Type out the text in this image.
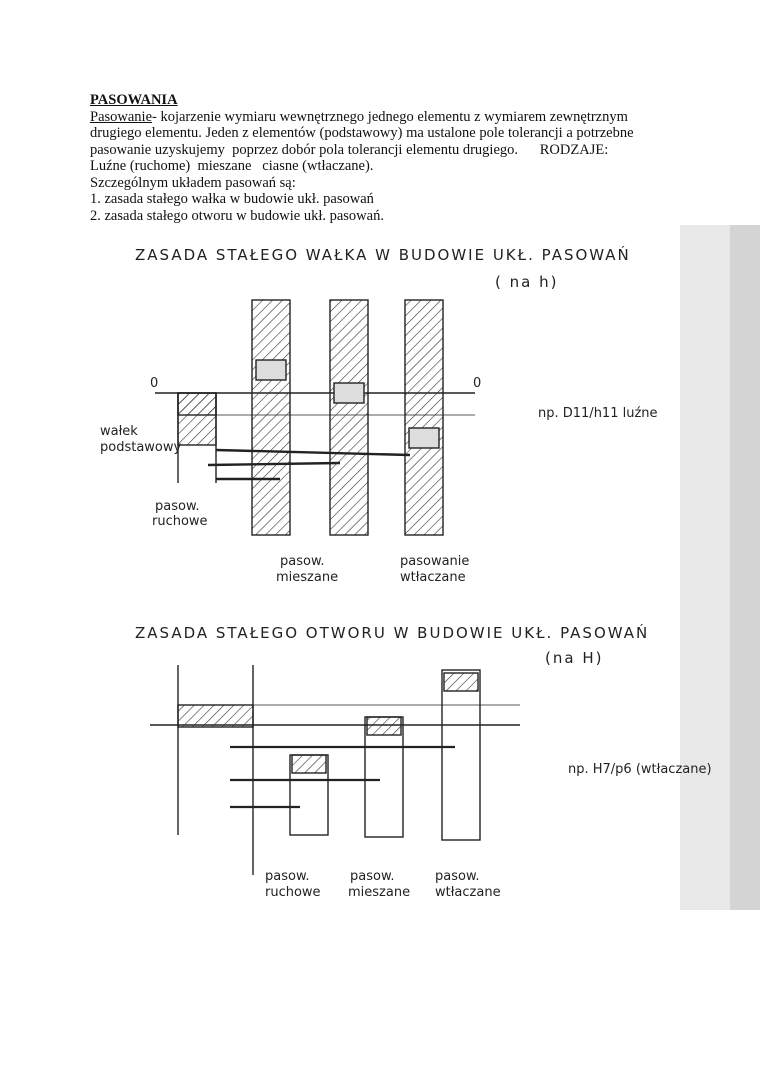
PASOWANIA

Pasowanie- kojarzenie wymiaru wewnętrznego jednego elementu z wymiarem zewnętrznym

drugiego elementu. Jeden z elementów (podstawowy) ma ustalone pole tolerancji a potrzebne

pasowanie uzyskujemy  poprzez dobór pola tolerancji elementu drugiego.      RODZAJE:

Luźne (ruchome)  mieszane   ciasne (wtłaczane).

Szczególnym układem pasowań są:

1. zasada stałego wałka w budowie ukł. pasowań

2. zasada stałego otworu w budowie ukł. pasowań.

ZASADA STAŁEGO WAŁKA W BUDOWIE UKŁ. PASOWAŃ
( na h)
0	0
wałek
podstawowy
pasow.
ruchowe
pasow.
mieszane
pasowanie
wtłaczane
np. D11/h11 luźne
ZASADA STAŁEGO OTWORU W BUDOWIE UKŁ. PASOWAŃ
(na H)
pasow.
ruchowe
pasow.
mieszane
pasow.
wtłaczane
np. H7/p6 (wtłaczane)
